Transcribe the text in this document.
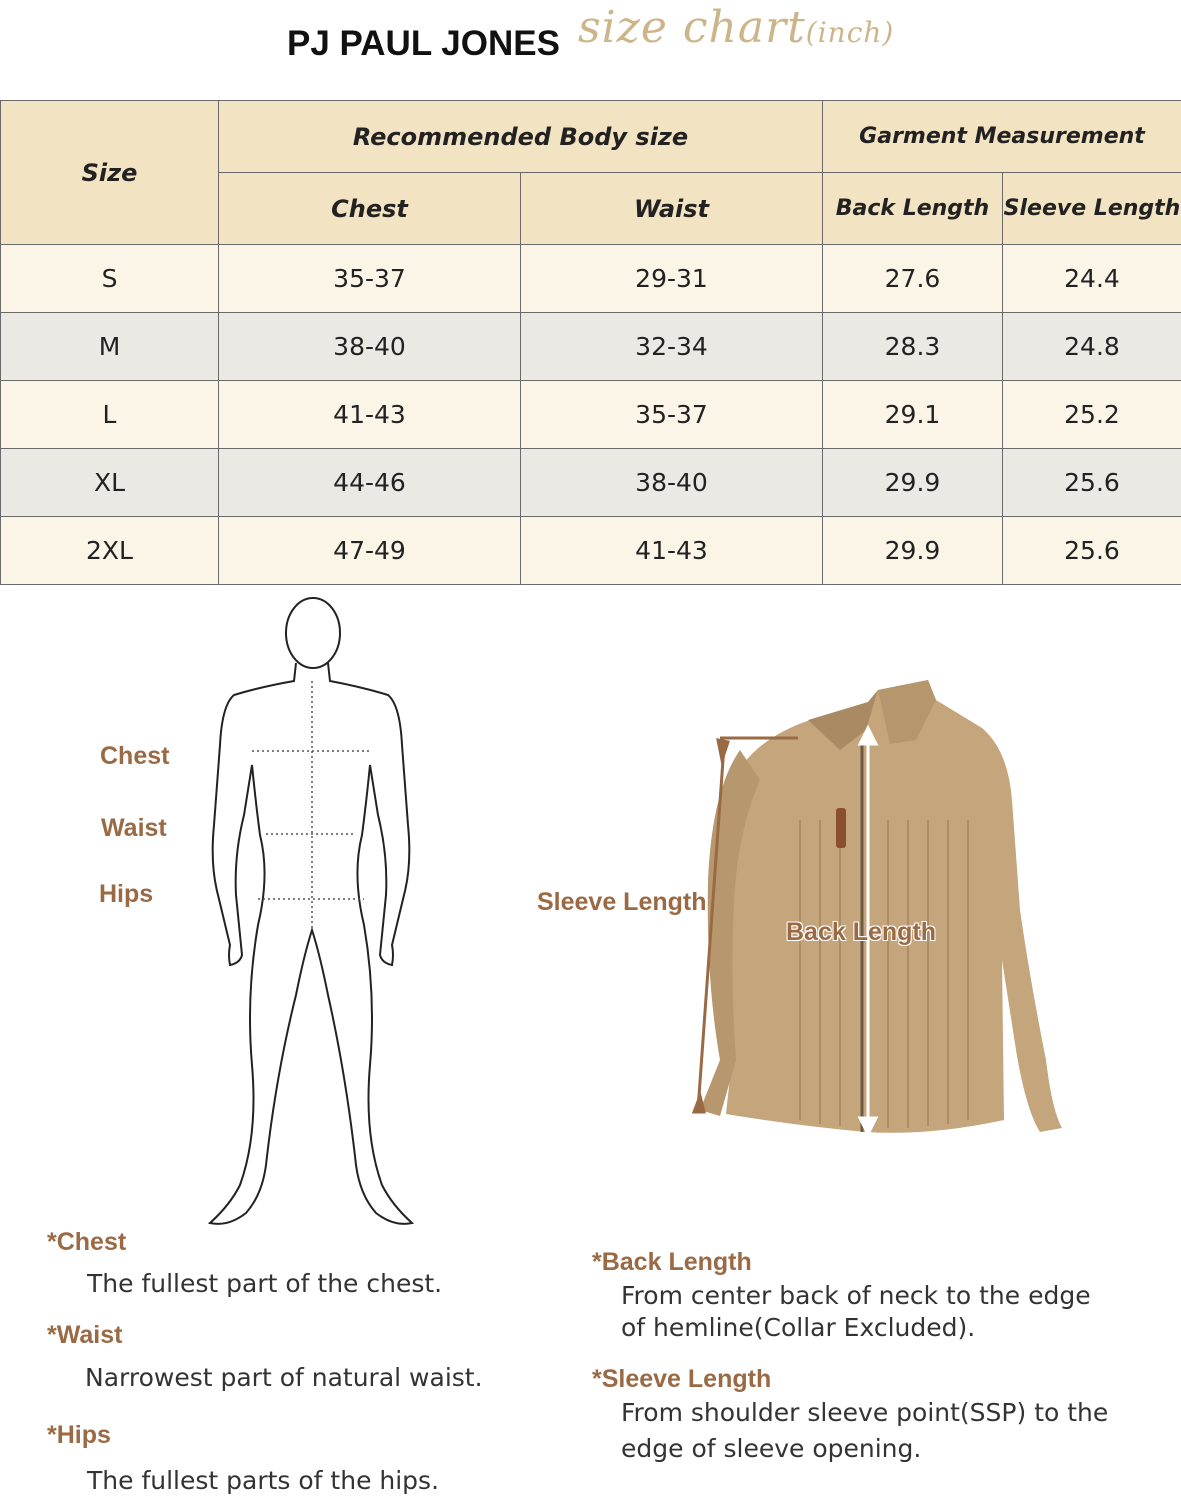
PJ PAUL JONES size chart(inch)
Size	Recommended Body size		Garment Measurement	
	Chest	Waist	Back Length	Sleeve Length
S	35-37	29-31	27.6	24.4
M	38-40	32-34	28.3	24.8
L	41-43	35-37	29.1	25.2
XL	44-46	38-40	29.9	25.6
2XL	47-49	41-43	29.9	25.6
Chest
Waist
Hips	Sleeve Length
Back Length
*Chest
The fullest part of the chest.
*Waist
Narrowest part of natural waist.
*Hips
The fullest parts of the hips.
*Back Length
From center back of neck to the edge
of hemline(Collar Excluded).
*Sleeve Length
From shoulder sleeve point(SSP) to the
edge of sleeve opening.
